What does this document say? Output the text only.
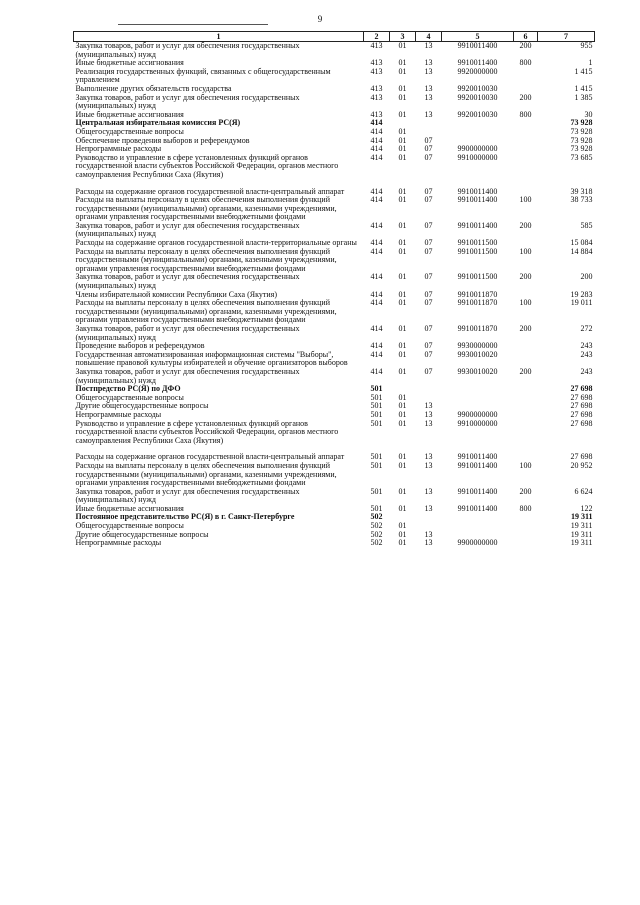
9
1	2	3	4	5	6	7
Закупка товаров, работ и услуг для обеспечения государственных (муниципальных) нужд	413	01	13	9910011400	200	955
Иные бюджетные ассигнования	413	01	13	9910011400	800	1
Реализация государственных функций, связанных с общегосударственным управлением	413	01	13	9920000000		1 415
Выполнение других обязательств государства	413	01	13	9920010030		1 415
Закупка товаров, работ и услуг для обеспечения государственных (муниципальных) нужд	413	01	13	9920010030	200	1 385
Иные бюджетные ассигнования	413	01	13	9920010030	800	30
Центральная избирательная комиссия РС(Я)	414					73 928
Общегосударственные вопросы	414	01				73 928
Обеспечение проведения выборов и референдумов	414	01	07			73 928
Непрограммные расходы	414	01	07	9900000000		73 928
Руководство и управление в сфере установленных функций органов государственной власти субъектов Российской Федерации, органов местного самоуправления Республики Саха (Якутия)	414	01	07	9910000000		73 685

Расходы на содержание органов государственной власти-центральный аппарат	414	01	07	9910011400		39 318
Расходы на выплаты персоналу в целях обеспечения выполнения функций государственными (муниципальными) органами, казенными учреждениями, органами управления государственными внебюджетными фондами	414	01	07	9910011400	100	38 733
Закупка товаров, работ и услуг для обеспечения государственных (муниципальных) нужд	414	01	07	9910011400	200	585
Расходы на содержание органов государственной власти-территориальные органы	414	01	07	9910011500		15 084
Расходы на выплаты персоналу в целях обеспечения выполнения функций государственными (муниципальными) органами, казенными учреждениями, органами управления государственными внебюджетными фондами	414	01	07	9910011500	100	14 884
Закупка товаров, работ и услуг для обеспечения государственных (муниципальных) нужд	414	01	07	9910011500	200	200
Члены избирательной комиссии Республики Саха (Якутия)	414	01	07	9910011870		19 283
Расходы на выплаты персоналу в целях обеспечения выполнения функций государственными (муниципальными) органами, казенными учреждениями, органами управления государственными внебюджетными фондами	414	01	07	9910011870	100	19 011
Закупка товаров, работ и услуг для обеспечения государственных (муниципальных) нужд	414	01	07	9910011870	200	272
Проведение выборов и референдумов	414	01	07	9930000000		243
Государственная автоматизированная информационная системы "Выборы", повышение правовой культуры избирателей и обучение организаторов выборов	414	01	07	9930010020		243
Закупка товаров, работ и услуг для обеспечения государственных (муниципальных) нужд	414	01	07	9930010020	200	243
Постпредство РС(Я) по ДФО	501					27 698
Общегосударственные вопросы	501	01				27 698
Другие общегосударственные вопросы	501	01	13			27 698
Непрограммные расходы	501	01	13	9900000000		27 698
Руководство и управление в сфере установленных функций органов государственной власти субъектов Российской Федерации, органов местного самоуправления Республики Саха (Якутия)	501	01	13	9910000000		27 698

Расходы на содержание органов государственной власти-центральный аппарат	501	01	13	9910011400		27 698
Расходы на выплаты персоналу в целях обеспечения выполнения функций государственными (муниципальными) органами, казенными учреждениями, органами управления государственными внебюджетными фондами	501	01	13	9910011400	100	20 952
Закупка товаров, работ и услуг для обеспечения государственных (муниципальных) нужд	501	01	13	9910011400	200	6 624
Иные бюджетные ассигнования	501	01	13	9910011400	800	122
Постоянное представительство РС(Я) в г. Санкт-Петербурге	502					19 311
Общегосударственные вопросы	502	01				19 311
Другие общегосударственные вопросы	502	01	13			19 311
Непрограммные расходы	502	01	13	9900000000		19 311
